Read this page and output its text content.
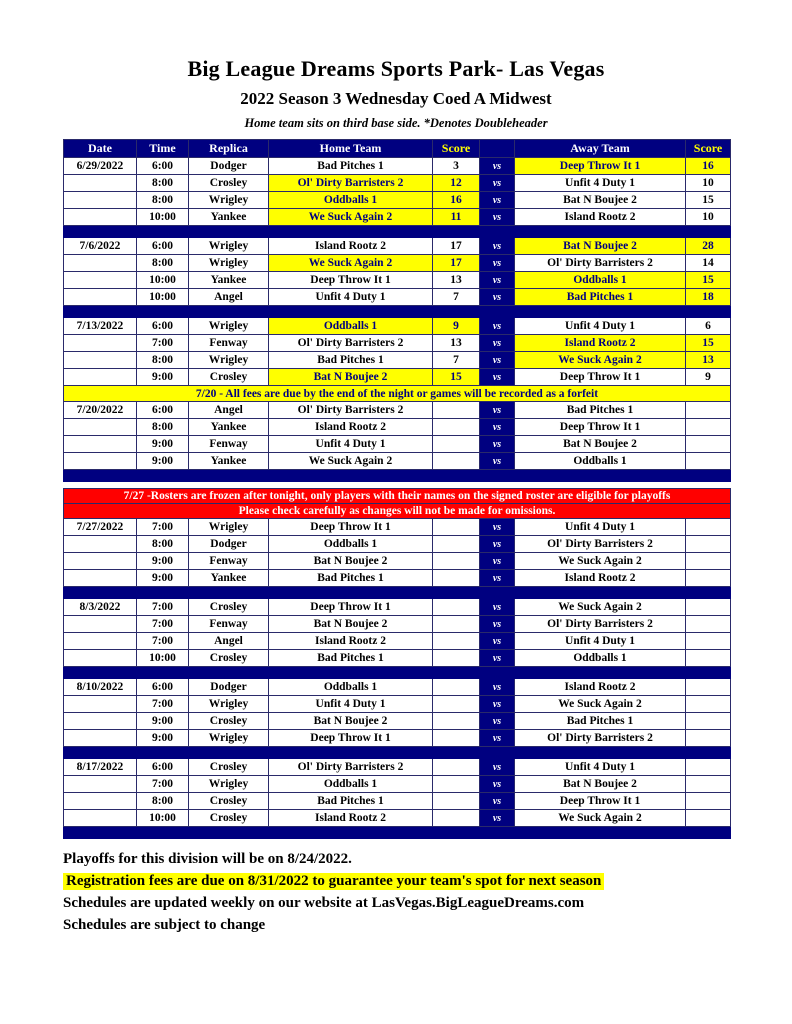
Big League Dreams Sports Park- Las Vegas
2022 Season 3 Wednesday Coed A Midwest
Home team sits on third base side. *Denotes Doubleheader
Date	Time	Replica	Home Team	Score		Away Team	Score
6/29/2022	6:00	Dodger	Bad Pitches 1	3	vs	Deep Throw It 1	16
	8:00	Crosley	Ol' Dirty Barristers 2	12	vs	Unfit 4 Duty 1	10
	8:00	Wrigley	Oddballs 1	16	vs	Bat N Boujee 2	15
	10:00	Yankee	We Suck Again 2	11	vs	Island Rootz 2	10

7/6/2022	6:00	Wrigley	Island Rootz 2	17	vs	Bat N Boujee 2	28
	8:00	Wrigley	We Suck Again 2	17	vs	Ol' Dirty Barristers 2	14
	10:00	Yankee	Deep Throw It 1	13	vs	Oddballs 1	15
	10:00	Angel	Unfit 4 Duty 1	7	vs	Bad Pitches 1	18

7/13/2022	6:00	Wrigley	Oddballs 1	9	vs	Unfit 4 Duty 1	6
	7:00	Fenway	Ol' Dirty Barristers 2	13	vs	Island Rootz 2	15
	8:00	Wrigley	Bad Pitches 1	7	vs	We Suck Again 2	13
	9:00	Crosley	Bat N Boujee 2	15	vs	Deep Throw It 1	9
7/20 - All fees are due by the end of the night or games will be recorded as a forfeit							
7/20/2022	6:00	Angel	Ol' Dirty Barristers 2		vs	Bad Pitches 1	
	8:00	Yankee	Island Rootz 2		vs	Deep Throw It 1	
	9:00	Fenway	Unfit 4 Duty 1		vs	Bat N Boujee 2	
	9:00	Yankee	We Suck Again 2		vs	Oddballs 1	

7/27 -Rosters are frozen after tonight, only players with their names on the signed roster are eligible for playoffs							
Please check carefully as changes will not be made for omissions.							
7/27/2022	7:00	Wrigley	Deep Throw It 1		vs	Unfit 4 Duty 1	
	8:00	Dodger	Oddballs 1		vs	Ol' Dirty Barristers 2	
	9:00	Fenway	Bat N Boujee 2		vs	We Suck Again 2	
	9:00	Yankee	Bad Pitches 1		vs	Island Rootz 2	

8/3/2022	7:00	Crosley	Deep Throw It 1		vs	We Suck Again 2	
	7:00	Fenway	Bat N Boujee 2		vs	Ol' Dirty Barristers 2	
	7:00	Angel	Island Rootz 2		vs	Unfit 4 Duty 1	
	10:00	Crosley	Bad Pitches 1		vs	Oddballs 1	

8/10/2022	6:00	Dodger	Oddballs 1		vs	Island Rootz 2	
	7:00	Wrigley	Unfit 4 Duty 1		vs	We Suck Again 2	
	9:00	Crosley	Bat N Boujee 2		vs	Bad Pitches 1	
	9:00	Wrigley	Deep Throw It 1		vs	Ol' Dirty Barristers 2	

8/17/2022	6:00	Crosley	Ol' Dirty Barristers 2		vs	Unfit 4 Duty 1	
	7:00	Wrigley	Oddballs 1		vs	Bat N Boujee 2	
	8:00	Crosley	Bad Pitches 1		vs	Deep Throw It 1	
	10:00	Crosley	Island Rootz 2		vs	We Suck Again 2	

Playoffs for this division will be on 8/24/2022.
Registration fees are due on 8/31/2022 to guarantee your team's spot for next season
Schedules are updated weekly on our website at LasVegas.BigLeagueDreams.com
Schedules are subject to change
